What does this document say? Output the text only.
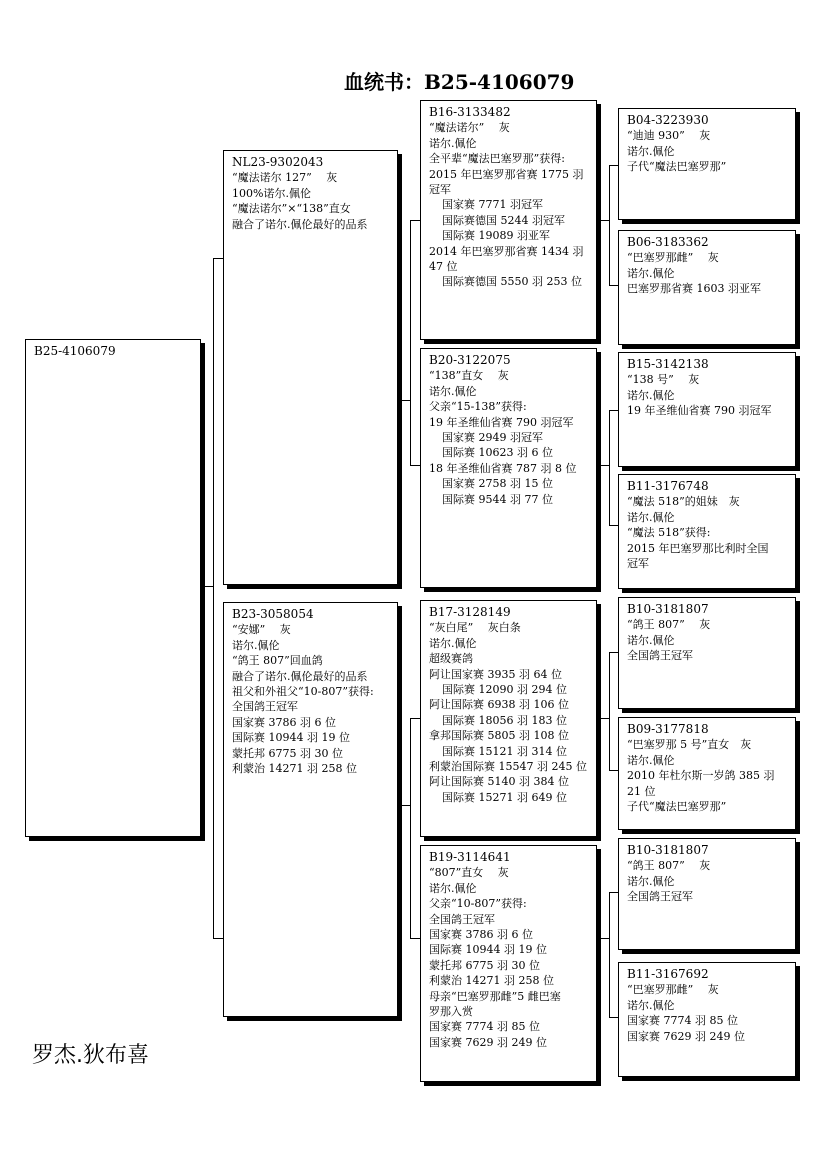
血统书：B25-4106079
B25-4106079
NL23-9302043
“魔法诺尔 127”　 灰
100%诺尔.佩伦
“魔法诺尔”×“138”直女
融合了诺尔.佩伦最好的品系
B23-3058054
“安娜”　 灰
诺尔.佩伦
“鸽王 807”回血鸽
融合了诺尔.佩伦最好的品系
祖父和外祖父“10-807”获得:
全国鸽王冠军
国家赛 3786 羽 6 位
国际赛 10944 羽 19 位
蒙托邦 6775 羽 30 位
利蒙治 14271 羽 258 位
B16-3133482
“魔法诺尔”　 灰
诺尔.佩伦
全平辈“魔法巴塞罗那”获得:
2015 年巴塞罗那省赛 1775 羽
冠军
国家赛 7771 羽冠军
国际赛德国 5244 羽冠军
国际赛 19089 羽亚军
2014 年巴塞罗那省赛 1434 羽
47 位
国际赛德国 5550 羽 253 位
B20-3122075
“138”直女　 灰
诺尔.佩伦
父亲“15-138”获得:
19 年圣维仙省赛 790 羽冠军
国家赛 2949 羽冠军
国际赛 10623 羽 6 位
18 年圣维仙省赛 787 羽 8 位
国家赛 2758 羽 15 位
国际赛 9544 羽 77 位
B17-3128149
“灰白尾”　 灰白条
诺尔.佩伦
超级赛鸽
阿让国家赛 3935 羽 64 位
国际赛 12090 羽 294 位
阿让国际赛 6938 羽 106 位
国际赛 18056 羽 183 位
拿邦国际赛 5805 羽 108 位
国际赛 15121 羽 314 位
利蒙治国际赛 15547 羽 245 位
阿让国际赛 5140 羽 384 位
国际赛 15271 羽 649 位
B19-3114641
“807”直女　 灰
诺尔.佩伦
父亲“10-807”获得:
全国鸽王冠军
国家赛 3786 羽 6 位
国际赛 10944 羽 19 位
蒙托邦 6775 羽 30 位
利蒙治 14271 羽 258 位
母亲“巴塞罗那雌”5 雌巴塞
罗那入赏
国家赛 7774 羽 85 位
国家赛 7629 羽 249 位
B04-3223930
“迪迪 930”　 灰
诺尔.佩伦
子代“魔法巴塞罗那”
B06-3183362
“巴塞罗那雌”　 灰
诺尔.佩伦
巴塞罗那省赛 1603 羽亚军
B15-3142138
“138 号”　 灰
诺尔.佩伦
19 年圣维仙省赛 790 羽冠军
B11-3176748
“魔法 518”的姐妹　灰
诺尔.佩伦
“魔法 518”获得:
2015 年巴塞罗那比利时全国
冠军
B10-3181807
“鸽王 807”　 灰
诺尔.佩伦
全国鸽王冠军
B09-3177818
“巴塞罗那 5 号”直女　灰
诺尔.佩伦
2010 年杜尔斯一岁鸽 385 羽
21 位
子代“魔法巴塞罗那”
B10-3181807
“鸽王 807”　 灰
诺尔.佩伦
全国鸽王冠军
B11-3167692
“巴塞罗那雌”　 灰
诺尔.佩伦
国家赛 7774 羽 85 位
国家赛 7629 羽 249 位
罗杰.狄布喜
